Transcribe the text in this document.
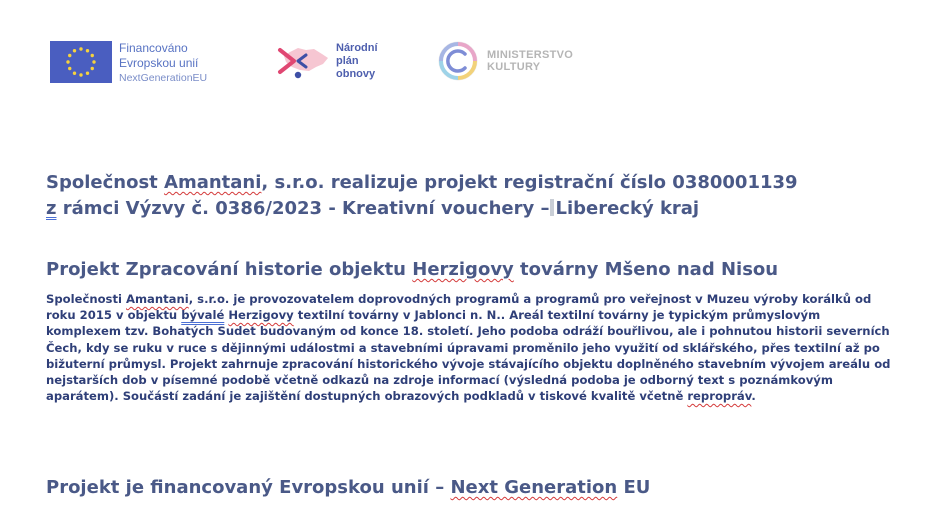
Financováno
Evropskou unií
NextGenerationEU
Národní
plán
obnovy
MINISTERSTVO
KULTURY
Společnost Amantani, s.r.o. realizuje projekt registrační číslo 0380001139
z rámci Výzvy č. 0386/2023 - Kreativní vouchery – Liberecký kraj
Projekt Zpracování historie objektu Herzigovy továrny Mšeno nad Nisou

Společnosti Amantani, s.r.o. je provozovatelem doprovodných programů a programů pro veřejnost v Muzeu výroby korálků od roku 2015 v objektu bývalé Herzigovy textilní továrny v Jablonci n. N.. Areál textilní továrny je typickým průmyslovým komplexem tzv. Bohatých Sudet budovaným od konce 18. století. Jeho podoba odráží bouřlivou, ale i pohnutou historii severních Čech, kdy se ruku v ruce s dějinnými událostmi a stavebními úpravami proměnilo jeho využití od sklářského, přes textilní až po bižuterní průmysl. Projekt zahrnuje zpracování historického vývoje stávajícího objektu doplněného stavebním vývojem areálu od nejstarších dob v písemné podobě včetně odkazů na zdroje informací (výsledná podoba je odborný text s poznámkovým aparátem). Součástí zadání je zajištění dostupných obrazových podkladů v tiskové kvalitě včetně repropráv.

Projekt je financovaný Evropskou unií – Next Generation EU
